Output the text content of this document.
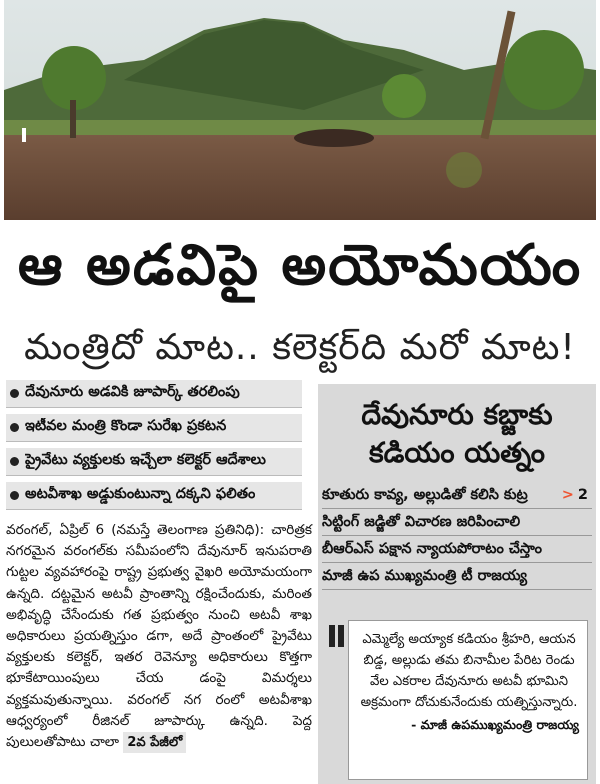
ఆ అడవిపై అయోమయం
మంత్రిదో మాట.. కలెక్టర్‌ది మరో మాట!
దేవునూరు అడవికి జూపార్క్‌ తరలింపు
ఇటీవల మంత్రి కొండా సురేఖ ప్రకటన
ప్రైవేటు వ్యక్తులకు ఇచ్చేలా కలెక్టర్‌ ఆదేశాలు
అటవీశాఖ అడ్డుకుంటున్నా దక్కని ఫలితం

వరంగల్‌, ఏప్రిల్‌ 6 (నమస్తే తెలంగాణ ప్రతినిధి): చారిత్రక నగరమైన వరంగల్‌కు సమీపంలోని దేవునూర్‌ ఇనుపరాతి గుట్టల వ్యవహారంపై రాష్ట్ర ప్రభుత్వ వైఖరి అయోమయంగా ఉన్నది. దట్టమైన అటవీ ప్రాంతాన్ని రక్షించేందుకు, మరింత అభివృద్ధి చేసేందుకు గత ప్రభుత్వం నుంచి అటవీ శాఖ అధికారులు ప్రయత్నిస్తుం డగా, అదే ప్రాంతంలో ప్రైవేటు వ్యక్తులకు కలెక్టర్‌, ఇతర రెవెన్యూ అధికారులు కొత్తగా భూకేటాయింపులు చేయ డంపై విమర్శలు వ్యక్తమవుతున్నాయి. వరంగల్‌ నగ రంలో అటవీశాఖ ఆధ్వర్యంలో రీజినల్‌ జూపార్కు ఉన్నది. పెద్ద పులులతోపాటు చాలా 2వ పేజీలో

దేవునూరు కబ్జాకు
కడియం యత్నం
కూతురు కావ్య, అల్లుడితో కలిసి కుట్ర > 2
సిట్టింగ్‌ జడ్జితో విచారణ జరిపించాలి
బీఆర్‌ఎస్‌ పక్షాన న్యాయపోరాటం చేస్తాం
మాజీ ఉప ముఖ్యమంత్రి టీ రాజయ్య
ఎమ్మెల్యే అయ్యాక కడియం శ్రీహరి, ఆయన బిడ్డ, అల్లుడు తమ బినామీల పేరిట రెండు వేల ఎకరాల దేవునూరు అటవీ భూమిని అక్రమంగా దోచుకునేందుకు యత్నిస్తున్నారు.
- మాజీ ఉపముఖ్యమంత్రి రాజయ్య
